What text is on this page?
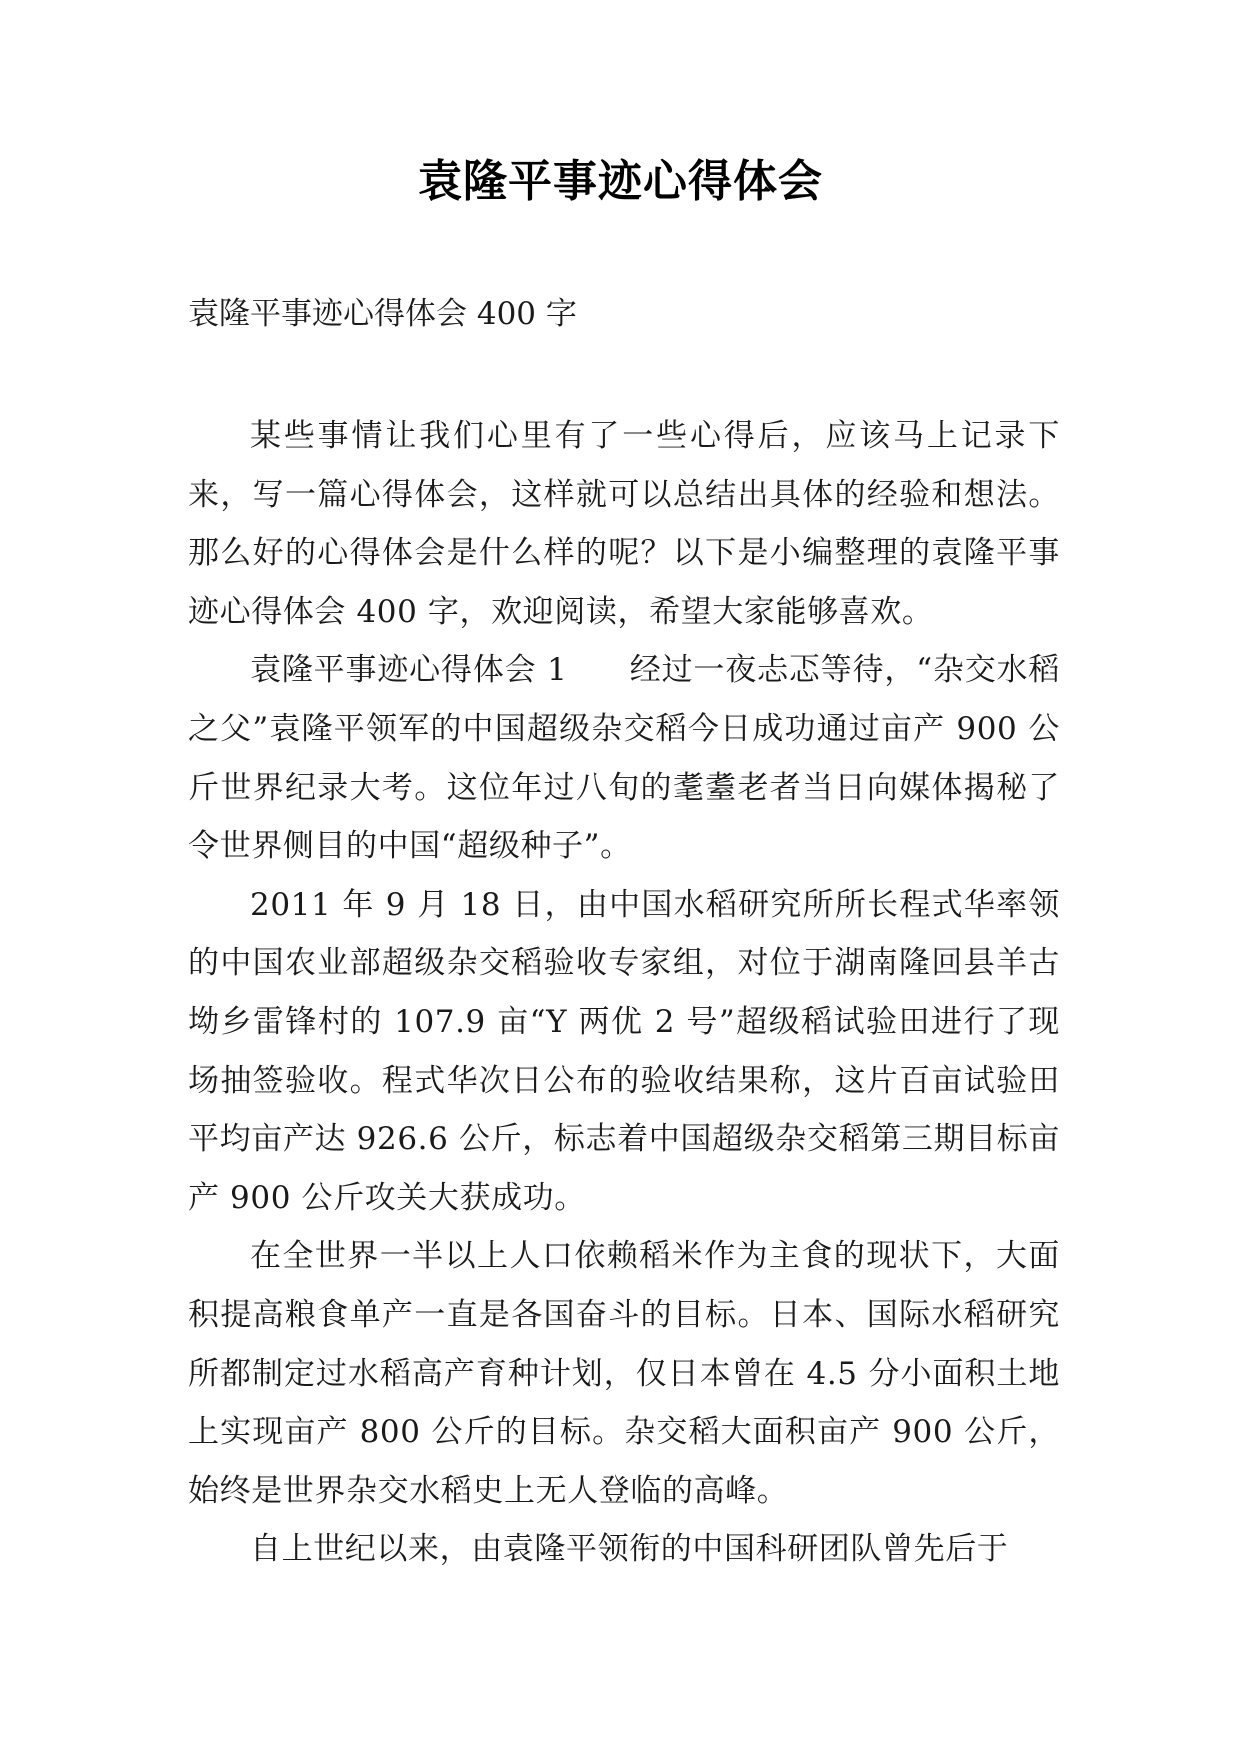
袁隆平事迹心得体会

袁隆平事迹心得体会 400 字

某些事情让我们心里有了一些心得后，应该马上记录下来，写一篇心得体会，这样就可以总结出具体的经验和想法。那么好的心得体会是什么样的呢？以下是小编整理的袁隆平事迹心得体会 400 字，欢迎阅读，希望大家能够喜欢。

袁隆平事迹心得体会 1 经过一夜忐忑等待，“杂交水稻之父”袁隆平领军的中国超级杂交稻今日成功通过亩产 900 公斤世界纪录大考。这位年过八旬的耄耋老者当日向媒体揭秘了令世界侧目的中国“超级种子”。

2011 年 9 月 18 日，由中国水稻研究所所长程式华率领的中国农业部超级杂交稻验收专家组，对位于湖南隆回县羊古坳乡雷锋村的 107.9 亩“Y 两优 2 号”超级稻试验田进行了现场抽签验收。程式华次日公布的验收结果称，这片百亩试验田平均亩产达 926.6 公斤，标志着中国超级杂交稻第三期目标亩产 900 公斤攻关大获成功。

在全世界一半以上人口依赖稻米作为主食的现状下，大面积提高粮食单产一直是各国奋斗的目标。日本、国际水稻研究所都制定过水稻高产育种计划，仅日本曾在 4.5 分小面积土地上实现亩产 800 公斤的目标。杂交稻大面积亩产 900 公斤，始终是世界杂交水稻史上无人登临的高峰。

自上世纪以来，由袁隆平领衔的中国科研团队曾先后于
